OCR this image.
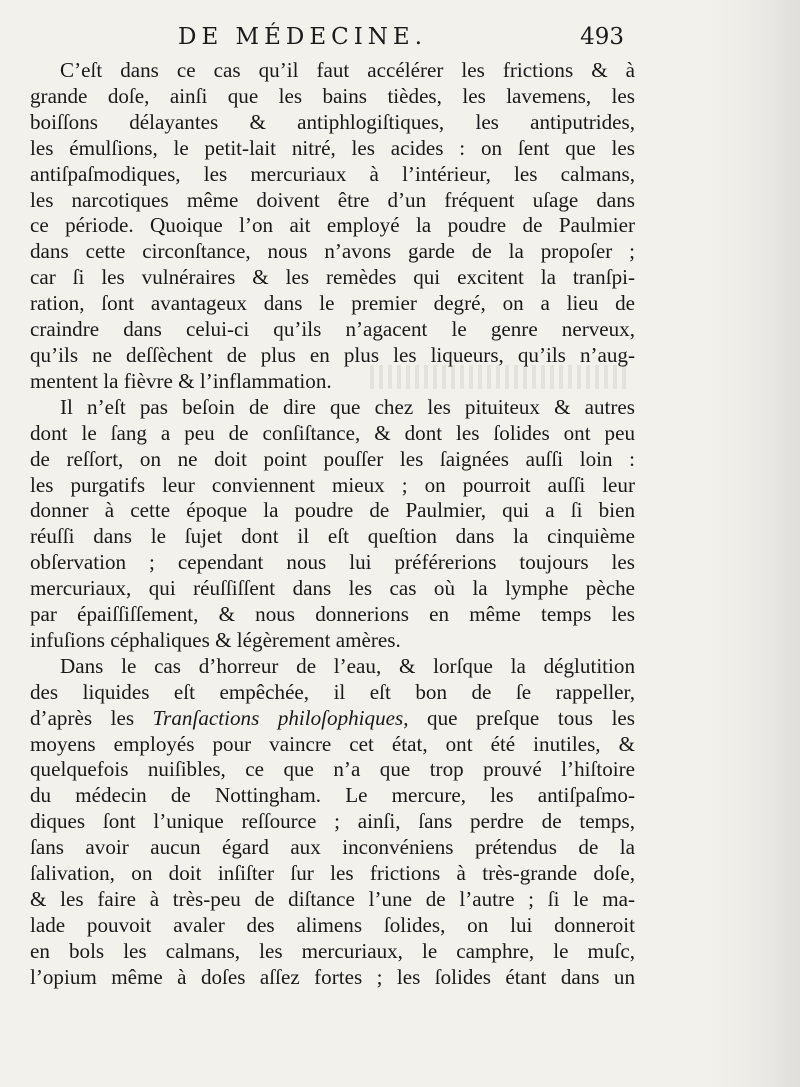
DE MÉDECINE.	493

C’eſt dans ce cas qu’il faut accélérer les frictions & à
grande doſe, ainſi que les bains tièdes, les lavemens, les
boiſſons délayantes & antiphlogiſtiques, les antiputrides,
les émulſions, le petit-lait nitré, les acides : on ſent que les
antiſpaſmodiques, les mercuriaux à l’intérieur, les calmans,
les narcotiques même doivent être d’un fréquent uſage dans
ce période. Quoique l’on ait employé la poudre de Paulmier
dans cette circonſtance, nous n’avons garde de la propoſer ;
car ſi les vulnéraires & les remèdes qui excitent la tranſpi-
ration, ſont avantageux dans le premier degré, on a lieu de
craindre dans celui-ci qu’ils n’agacent le genre nerveux,
qu’ils ne deſſèchent de plus en plus les liqueurs, qu’ils n’aug-
mentent la fièvre & l’inflammation.

Il n’eſt pas beſoin de dire que chez les pituiteux & autres
dont le ſang a peu de conſiſtance, & dont les ſolides ont peu
de reſſort, on ne doit point pouſſer les ſaignées auſſi loin :
les purgatifs leur conviennent mieux ; on pourroit auſſi leur
donner à cette époque la poudre de Paulmier, qui a ſi bien
réuſſi dans le ſujet dont il eſt queſtion dans la cinquième
obſervation ; cependant nous lui préférerions toujours les
mercuriaux, qui réuſſiſſent dans les cas où la lymphe pèche
par épaiſſiſſement, & nous donnerions en même temps les
infuſions céphaliques & légèrement amères.

Dans le cas d’horreur de l’eau, & lorſque la déglutition
des liquides eſt empêchée, il eſt bon de ſe rappeller,
d’après les Tranſactions philoſophiques, que preſque tous les
moyens employés pour vaincre cet état, ont été inutiles, &
quelquefois nuiſibles, ce que n’a que trop prouvé l’hiſtoire
du médecin de Nottingham. Le mercure, les antiſpaſmo-
diques ſont l’unique reſſource ; ainſi, ſans perdre de temps,
ſans avoir aucun égard aux inconvéniens prétendus de la
ſalivation, on doit inſiſter ſur les frictions à très-grande doſe,
& les faire à très-peu de diſtance l’une de l’autre ; ſi le ma-
lade pouvoit avaler des alimens ſolides, on lui donneroit
en bols les calmans, les mercuriaux, le camphre, le muſc,
l’opium même à doſes aſſez fortes ; les ſolides étant dans un
